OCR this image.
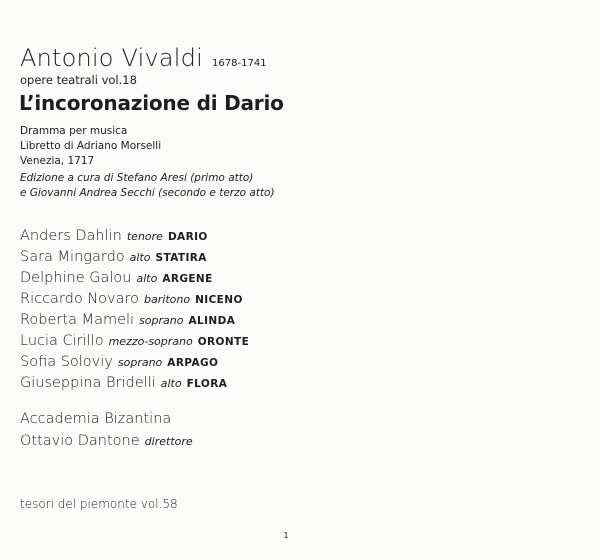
Antonio Vivaldi 1678-1741
opere teatrali vol.18
L’incoronazione di Dario
Dramma per musica
Libretto di Adriano Morselli
Venezia, 1717
Edizione a cura di Stefano Aresi (primo atto)
e Giovanni Andrea Secchi (secondo e terzo atto)
Anders Dahlin tenore DARIO
Sara Mingardo alto STATIRA
Delphine Galou alto ARGENE
Riccardo Novaro baritono NICENO
Roberta Mameli soprano ALINDA
Lucia Cirillo mezzo-soprano ORONTE
Sofia Soloviy soprano ARPAGO
Giuseppina Bridelli alto FLORA
Accademia Bizantina
Ottavio Dantone direttore
tesori del piemonte vol.58
1
